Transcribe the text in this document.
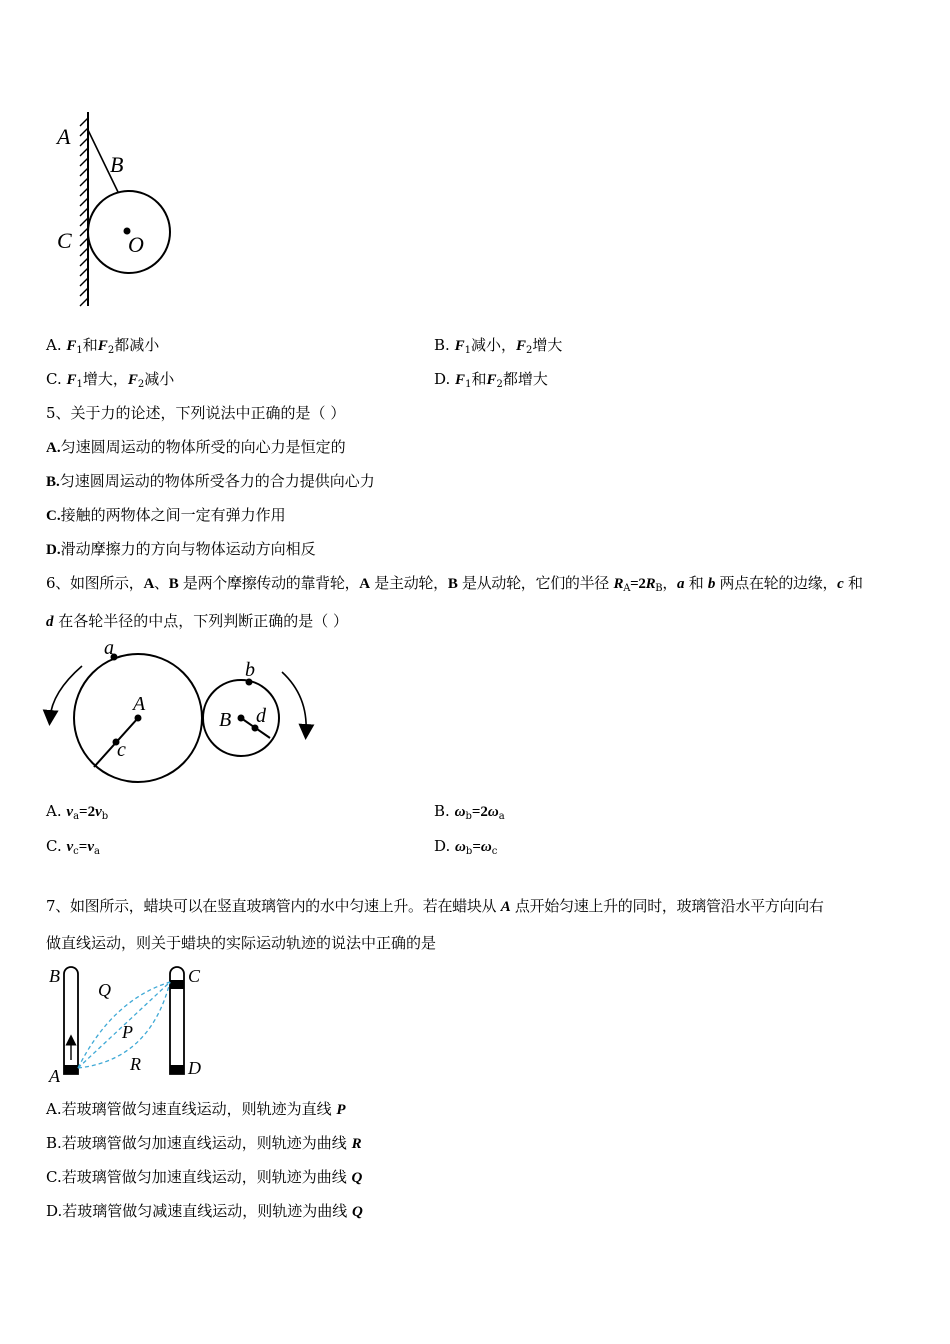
A
B
C	O
A. $F_1$和$F_2$都减小	B. $F_1$减小，$F_2$增大
C. $F_1$增大，$F_2$减小	D. $F_1$和$F_2$都增大
5、关于力的论述，下列说法中正确的是（ ）
A.匀速圆周运动的物体所受的向心力是恒定的
B.匀速圆周运动的物体所受各力的合力提供向心力
C.接触的两物体之间一定有弹力作用
D.滑动摩擦力的方向与物体运动方向相反
6、如图所示，A、B 是两个摩擦传动的靠背轮，A 是主动轮，B 是从动轮，它们的半径 $R_A=2R_B$，a 和 b 两点在轮的边缘，c 和
d 在各轮半径的中点，下列判断正确的是（ ）
a
b
A
B
c
d
A. $v_a=2v_b$	B. $\omega_b=2\omega_a$
C. $v_c=v_a$	D. $\omega_b=\omega_c$
7、如图所示，蜡块可以在竖直玻璃管内的水中匀速上升。若在蜡块从 A 点开始匀速上升的同时，玻璃管沿水平方向向右
做直线运动，则关于蜡块的实际运动轨迹的说法中正确的是
B	C
Q
P
R
A	D
A.若玻璃管做匀速直线运动，则轨迹为直线 P
B.若玻璃管做匀加速直线运动，则轨迹为曲线 R
C.若玻璃管做匀加速直线运动，则轨迹为曲线 Q
D.若玻璃管做匀减速直线运动，则轨迹为曲线 Q
